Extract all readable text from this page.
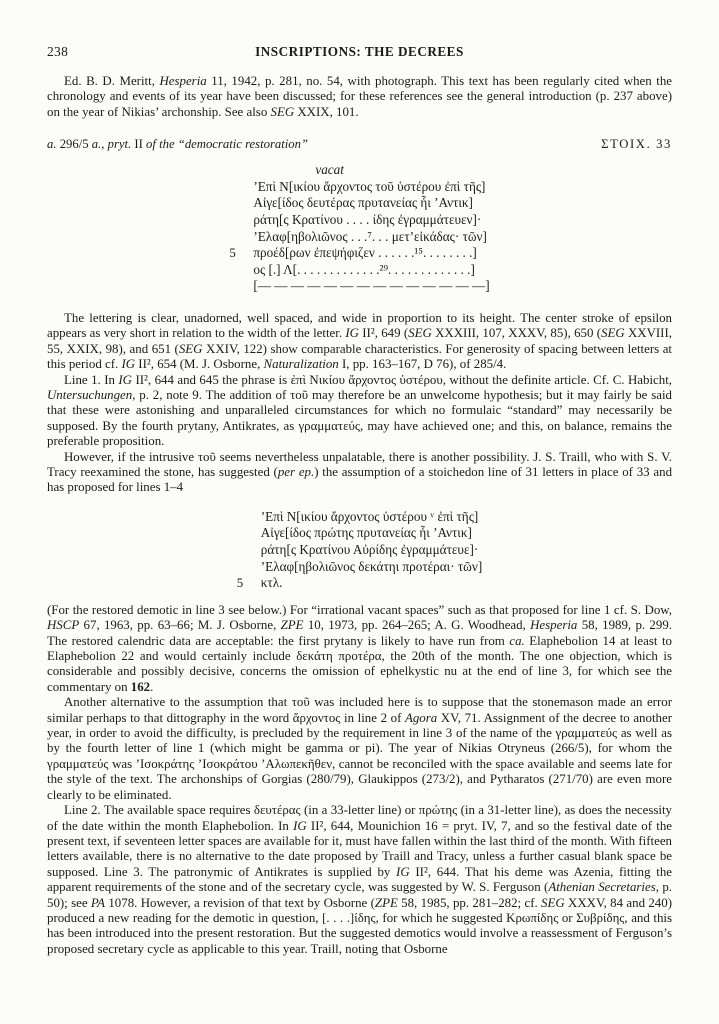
238	INSCRIPTIONS: THE DECREES

Ed. B. D. Meritt, Hesperia 11, 1942, p. 281, no. 54, with photograph. This text has been regularly cited when the chronology and events of its year have been discussed; for these references see the general introduction (p. 237 above) on the year of Nikias’ archonship. See also SEG XXIX, 101.

a. 296/5 a., pryt. II of the “democratic restoration”	ΣΤΟΙΧ. 33
vacat
’Επὶ Ν[ικίου ἄρχοντος τοῦ ὑστέρου ἐπὶ τῆς]
Αἰγε[ίδος δευτέρας πρυτανείας ἧι ’Αντικ]
ράτη[ς Κρατίνου . . . . ίδης ἐγραμμάτευεν]·
’Ελαφ[ηβολιῶνος . . .⁷. . . μετ’εἰκάδας· τῶν]
5	προέδ[ρων ἐπεψήφιζεν . . . . . .¹⁵. . . . . . . .]
ος [.] Λ[. . . . . . . . . . . . .²⁹. . . . . . . . . . . . .]
[— — — — — — — — — — — — — —]

The lettering is clear, unadorned, well spaced, and wide in proportion to its height. The center stroke of epsilon appears as very short in relation to the width of the letter. IG II², 649 (SEG XXXIII, 107, XXXV, 85), 650 (SEG XXVIII, 55, XXIX, 98), and 651 (SEG XXIV, 122) show comparable characteristics. For generosity of spacing between letters at this period cf. IG II², 654 (M. J. Osborne, Naturalization I, pp. 163–167, D 76), of 285/4.

Line 1. In IG II², 644 and 645 the phrase is ἐπὶ Νικίου ἄρχοντος ὑστέρου, without the definite article. Cf. C. Habicht, Untersuchungen, p. 2, note 9. The addition of τοῦ may therefore be an unwelcome hypothesis; but it may fairly be said that these were astonishing and unparalleled circumstances for which no formulaic “standard” may necessarily be supposed. By the fourth prytany, Antikrates, as γραμματεύς, may have achieved one; and this, on balance, remains the preferable proposition.

However, if the intrusive τοῦ seems nevertheless unpalatable, there is another possibility. J. S. Traill, who with S. V. Tracy reexamined the stone, has suggested (per ep.) the assumption of a stoichedon line of 31 letters in place of 33 and has proposed for lines 1–4

’Επὶ Ν[ικίου ἄρχοντος ὑστέρου ᵛ ἐπὶ τῆς]
Αἰγε[ίδος πρώτης πρυτανείας ἧι ’Αντικ]
ράτη[ς Κρατίνου Αὐρίδης ἐγραμμάτευε]·
’Ελαφ[ηβολιῶνος δεκάτηι προτέραι· τῶν]
5	κτλ.

(For the restored demotic in line 3 see below.) For “irrational vacant spaces” such as that proposed for line 1 cf. S. Dow, HSCP 67, 1963, pp. 63–66; M. J. Osborne, ZPE 10, 1973, pp. 264–265; A. G. Woodhead, Hesperia 58, 1989, p. 299. The restored calendric data are acceptable: the first prytany is likely to have run from ca. Elaphebolion 14 at least to Elaphebolion 22 and would certainly include δεκάτη προτέρα, the 20th of the month. The one objection, which is considerable and possibly decisive, concerns the omission of ephelkystic nu at the end of line 3, for which see the commentary on 162.

Another alternative to the assumption that τοῦ was included here is to suppose that the stonemason made an error similar perhaps to that dittography in the word ἄρχοντος in line 2 of Agora XV, 71. Assignment of the decree to another year, in order to avoid the difficulty, is precluded by the requirement in line 3 of the name of the γραμματεύς as well as by the fourth letter of line 1 (which might be gamma or pi). The year of Nikias Otryneus (266/5), for whom the γραμματεύς was ’Ισοκράτης ’Ισοκράτου ’Αλωπεκῆθεν, cannot be reconciled with the space available and seems late for the style of the text. The archonships of Gorgias (280/79), Glaukippos (273/2), and Pytharatos (271/70) are even more clearly to be eliminated.

Line 2. The available space requires δευτέρας (in a 33-letter line) or πρώτης (in a 31-letter line), as does the necessity of the date within the month Elaphebolion. In IG II², 644, Mounichion 16 = pryt. IV, 7, and so the festival date of the present text, if seventeen letter spaces are available for it, must have fallen within the last third of the month. With fifteen letters available, there is no alternative to the date proposed by Traill and Tracy, unless a further casual blank space be supposed. Line 3. The patronymic of Antikrates is supplied by IG II², 644. That his deme was Azenia, fitting the apparent requirements of the stone and of the secretary cycle, was suggested by W. S. Ferguson (Athenian Secretaries, p. 50); see PA 1078. However, a revision of that text by Osborne (ZPE 58, 1985, pp. 281–282; cf. SEG XXXV, 84 and 240) produced a new reading for the demotic in question, [. . . .]ίδης, for which he suggested Κρωπίδης or Συβρίδης, and this has been introduced into the present restoration. But the suggested demotics would involve a reassessment of Ferguson’s proposed secretary cycle as applicable to this year. Traill, noting that Osborne
